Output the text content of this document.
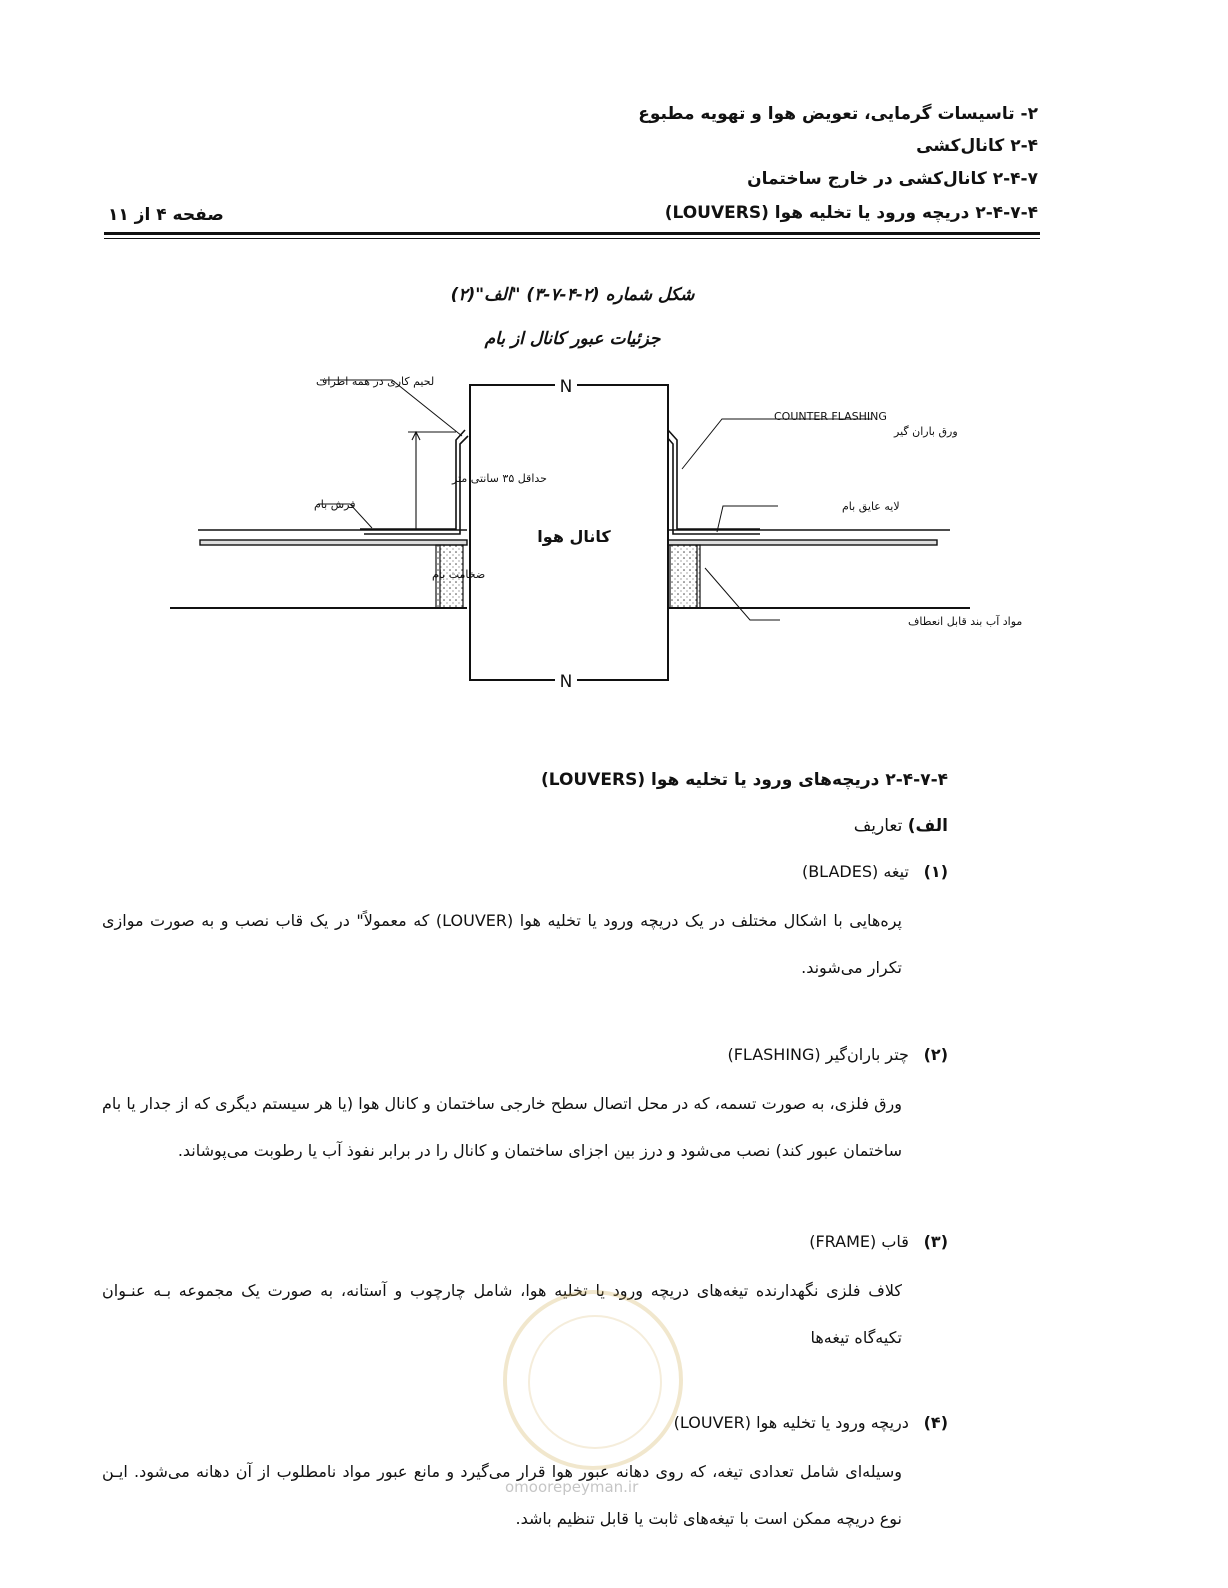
۲- تاسیسات گرمایی، تعویض هوا و تهویه مطبوع
۲-۴ کانال‌کشی
۲-۴-۷ کانال‌کشی در خارج ساختمان
۲-۴-۷-۴ دریچه ورود یا تخلیه هوا (LOUVERS)
صفحه ۴ از ۱۱
شکل شماره (۲-۴-۷-۳) "الف"(۲)
جزئیات عبور کانال از بام
N
N
لحیم کاری در همه اطراف
COUNTER FLASHING
ورق باران گیر
حداقل ۳۵ سانتی متر
فرش بام	لایه عایق بام
کانال هوا
ضخامت بام
مواد آب بند قابل انعطاف
۲-۴-۷-۴ دریچه‌های ورود یا تخلیه هوا (LOUVERS)
الف) تعاریف
(۱) تیغه (BLADES)
پره‌هایی با اشکال مختلف در یک دریچه ورود یا تخلیه هوا (LOUVER) که معمولاً" در یک قاب نصب و به صورت موازی تکرار می‌شوند.
(۲) چتر باران‌گیر (FLASHING)
ورق فلزی، به صورت تسمه، که در محل اتصال سطح خارجی ساختمان و کانال هوا (یا هر سیستم دیگری که از جدار یا بام ساختمان عبور کند) نصب می‌شود و درز بین اجزای ساختمان و کانال را در برابر نفوذ آب یا رطوبت می‌پوشاند.
(۳) قاب (FRAME)
کلاف فلزی نگهدارنده تیغه‌های دریچه ورود یا تخلیه هوا، شامل چارچوب و آستانه، به صورت یک مجموعه بـه عنـوان تکیه‌گاه تیغه‌ها
omoorepeyman.ir
(۴) دریچه ورود یا تخلیه هوا (LOUVER)
وسیله‌ای شامل تعدادی تیغه، که روی دهانه عبور هوا قرار می‌گیرد و مانع عبور مواد نامطلوب از آن دهانه می‌شود. ایـن نوع دریچه ممکن است با تیغه‌های ثابت یا قابل تنظیم باشد.
